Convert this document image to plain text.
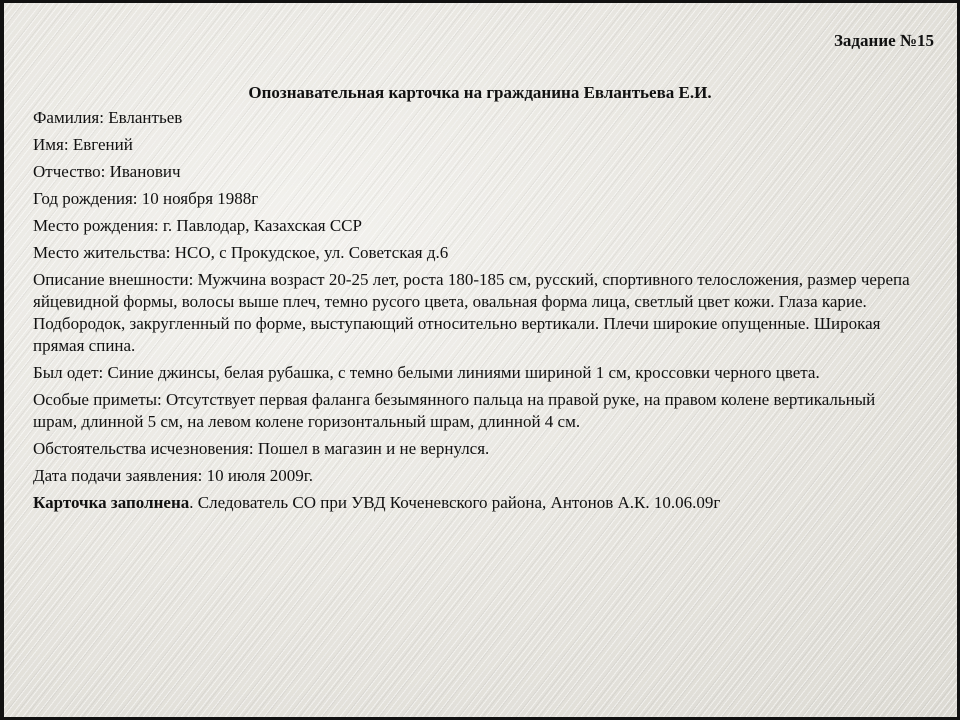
Задание №15
Опознавательная карточка на гражданина Евлантьева Е.И.
Фамилия: Евлантьев
Имя: Евгений
Отчество: Иванович
Год рождения: 10 ноября 1988г
Место рождения: г. Павлодар, Казахская ССР
Место жительства: НСО, с Прокудское, ул. Советская д.6
Описание внешности: Мужчина возраст 20-25 лет, роста 180-185 см, русский, спортивного телосложения, размер черепа яйцевидной формы, волосы выше плеч, темно русого цвета, овальная форма лица, светлый цвет кожи. Глаза карие. Подбородок, закругленный по форме, выступающий относительно вертикали. Плечи широкие опущенные. Широкая прямая спина.
Был одет: Синие джинсы, белая рубашка, с темно белыми линиями шириной 1 см, кроссовки черного цвета.
Особые приметы: Отсутствует первая фаланга безымянного пальца на правой руке, на правом колене вертикальный шрам, длинной 5 см, на левом колене горизонтальный шрам, длинной 4 см.
Обстоятельства исчезновения: Пошел в магазин и не вернулся.
Дата подачи заявления: 10 июля 2009г.
Карточка заполнена. Следователь СО при УВД Коченевского района, Антонов А.К. 10.06.09г
